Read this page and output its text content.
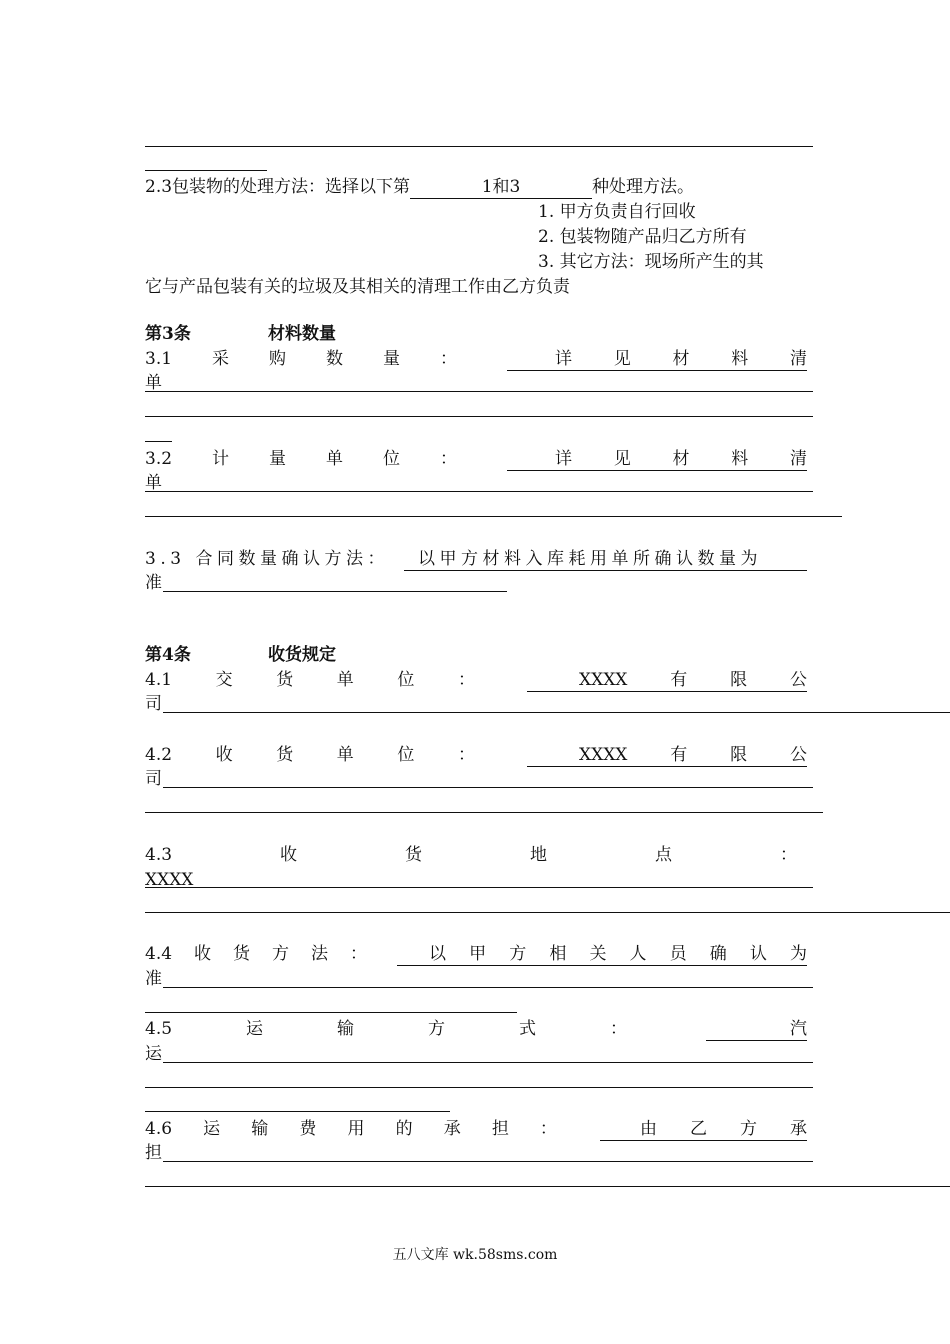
2.3包装物的处理方法：选择以下第	1和3	种处理方法。
1. 甲方负责自行回收
2. 包装物随产品归乙方所有
3. 其它方法：现场所产生的其
它与产品包装有关的垃圾及其相关的清理工作由乙方负责
第3条	材料数量
3.1 采 购 数 量 ：	详 见 材 料 清
单
3.2 计 量 单 位 ：	详 见 材 料 清
单
3.3 合同数量确认方法：	以甲方材料入库耗用单所确认数量为
准
第4条	收货规定
4.1	交	货	单	位	：	XXXX	有	限	公
司
4.2	收	货	单	位	：	XXXX	有	限	公
司
4.3	收	货	地	点	：
XXXX
4.4 收 货 方 法 ：	以 甲 方 相 关 人 员 确 认 为
准
4.5	运	输	方	式	：	汽
运
4.6 运 输 费 用 的 承 担 ：	由 乙 方 承
担
五八文库 wk.58sms.com
